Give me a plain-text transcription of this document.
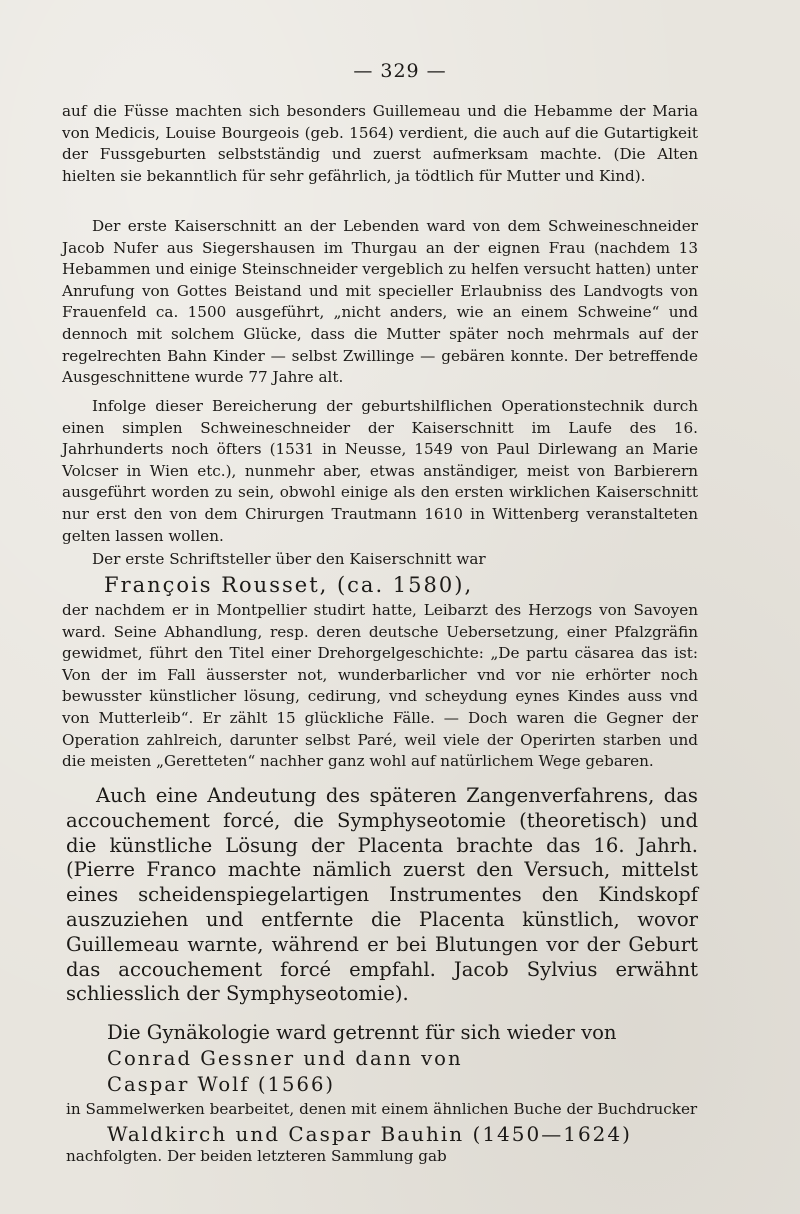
— 329 —

auf die Füsse machten sich besonders Guillemeau und die Hebamme der Maria von Medicis, Louise Bourgeois (geb. 1564) verdient, die auch auf die Gutartigkeit der Fussgeburten selbstständig und zuerst aufmerksam machte. (Die Alten hielten sie bekanntlich für sehr gefährlich, ja tödtlich für Mutter und Kind).

Der erste Kaiserschnitt an der Lebenden ward von dem Schweineschneider Jacob Nufer aus Siegershausen im Thurgau an der eignen Frau (nachdem 13 Hebammen und einige Steinschneider vergeblich zu helfen versucht hatten) unter Anrufung von Gottes Beistand und mit specieller Erlaubniss des Landvogts von Frauenfeld ca. 1500 ausgeführt, „nicht anders, wie an einem Schweine“ und dennoch mit solchem Glücke, dass die Mutter später noch mehrmals auf der regelrechten Bahn Kinder — selbst Zwillinge — gebären konnte. Der betreffende Ausgeschnittene wurde 77 Jahre alt.

Infolge dieser Bereicherung der geburtshilflichen Operationstechnik durch einen simplen Schweineschneider der Kaiserschnitt im Laufe des 16. Jahrhunderts noch öfters (1531 in Neusse, 1549 von Paul Dirlewang an Marie Volcser in Wien etc.), nunmehr aber, etwas anständiger, meist von Barbierern ausgeführt worden zu sein, obwohl einige als den ersten wirklichen Kaiserschnitt nur erst den von dem Chirurgen Trautmann 1610 in Wittenberg veranstalteten gelten lassen wollen.

Der erste Schriftsteller über den Kaiserschnitt war

François Rousset, (ca. 1580),

der nachdem er in Montpellier studirt hatte, Leibarzt des Herzogs von Savoyen ward. Seine Abhandlung, resp. deren deutsche Uebersetzung, einer Pfalzgräfin gewidmet, führt den Titel einer Drehorgelgeschichte: „De partu cäsarea das ist: Von der im Fall äusserster not, wunderbarlicher vnd vor nie erhörter noch bewusster künstlicher lösung, cedirung, vnd scheydung eynes Kindes auss vnd von Mutterleib“. Er zählt 15 glückliche Fälle. — Doch waren die Gegner der Operation zahlreich, darunter selbst Paré, weil viele der Operirten starben und die meisten „Geretteten“ nachher ganz wohl auf natürlichem Wege gebaren.

Auch eine Andeutung des späteren Zangenverfahrens, das accouchement forcé, die Symphyseotomie (theoretisch) und die künstliche Lösung der Placenta brachte das 16. Jahrh. (Pierre Franco machte nämlich zuerst den Versuch, mittelst eines scheidenspiegelartigen Instrumentes den Kindskopf auszuziehen und entfernte die Placenta künstlich, wovor Guillemeau warnte, während er bei Blutungen vor der Geburt das accouchement forcé empfahl. Jacob Sylvius erwähnt schliesslich der Symphyseotomie).

Die Gynäkologie ward getrennt für sich wieder von
Conrad Gessner und dann von
Caspar Wolf (1566)
in Sammelwerken bearbeitet, denen mit einem ähnlichen Buche der Buchdrucker
Waldkirch und Caspar Bauhin (1450—1624)
nachfolgten. Der beiden letzteren Sammlung gab
